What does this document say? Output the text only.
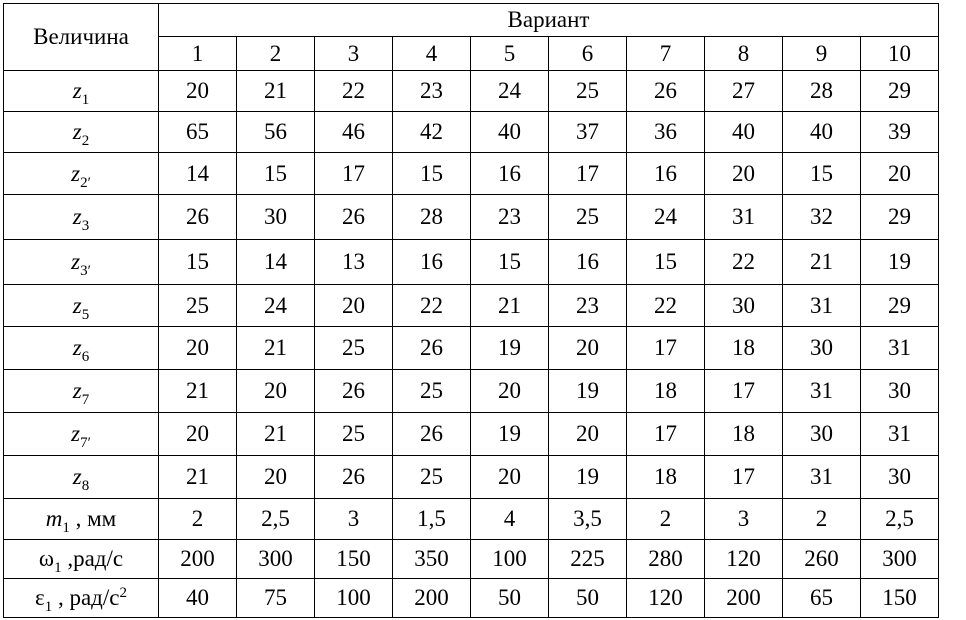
Величина	Вариант									
	1	2	3	4	5	6	7	8	9	10
$z_1$	20	21	22	23	24	25	26	27	28	29
$z_2$	65	56	46	42	40	37	36	40	40	39
$z_{2'}$	14	15	17	15	16	17	16	20	15	20
$z_3$	26	30	26	28	23	25	24	31	32	29
$z_{3'}$	15	14	13	16	15	16	15	22	21	19
$z_5$	25	24	20	22	21	23	22	30	31	29
$z_6$	20	21	25	26	19	20	17	18	30	31
$z_7$	21	20	26	25	20	19	18	17	31	30
$z_{7'}$	20	21	25	26	19	20	17	18	30	31
$z_8$	21	20	26	25	20	19	18	17	31	30
$m_1$ , мм	2	2,5	3	1,5	4	3,5	2	3	2	2,5
$\omega_1$ ,рад/с	200	300	150	350	100	225	280	120	260	300
$\varepsilon_1$ , рад/$с^2$	40	75	100	200	50	50	120	200	65	150
